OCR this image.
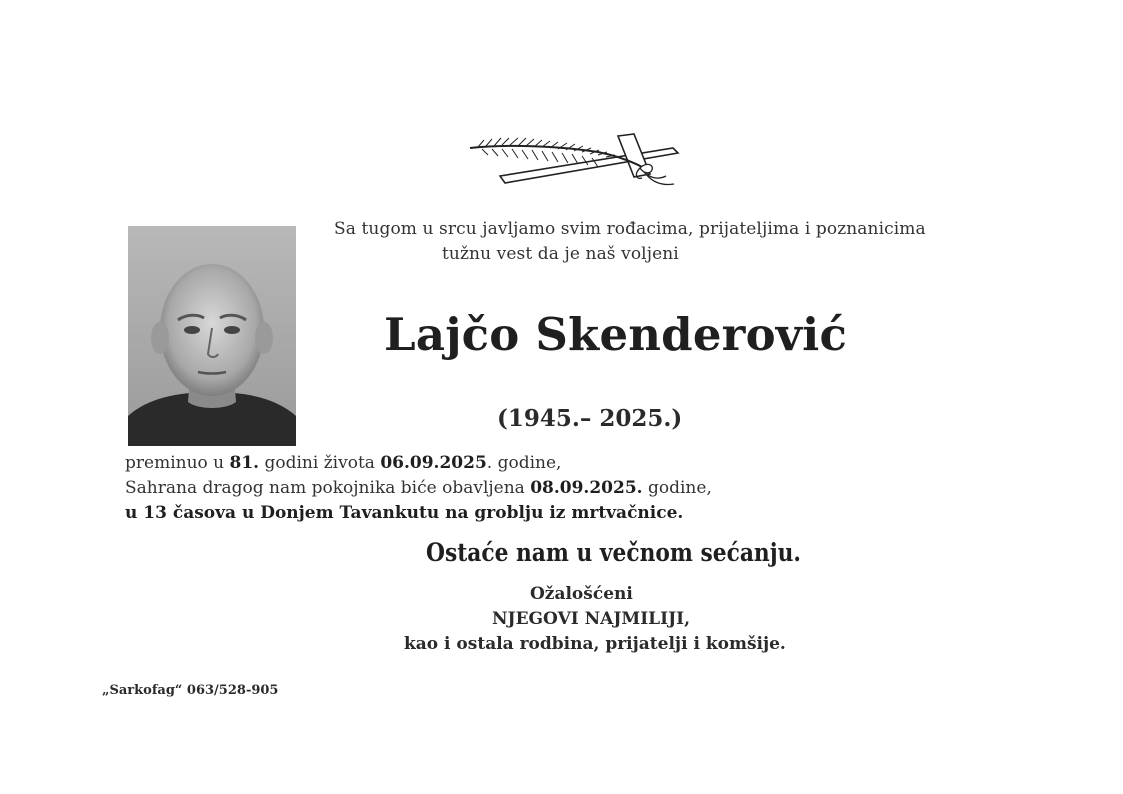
Sa tugom u srcu javljamo svim rođacima, prijateljima i poznanicima
tužnu vest da je naš voljeni
Lajčo Skenderović
(1945.– 2025.)
preminuo u 81. godini života 06.09.2025. godine,
Sahrana dragog nam pokojnika biće obavljena 08.09.2025. godine,
u 13 časova u Donjem Tavankutu na groblju iz mrtvačnice.
Ostaće nam u večnom sećanju.
Ožalošćeni
NJEGOVI NAJMILIJI,
kao i ostala rodbina, prijatelji i komšije.
„Sarkofag“ 063/528-905
